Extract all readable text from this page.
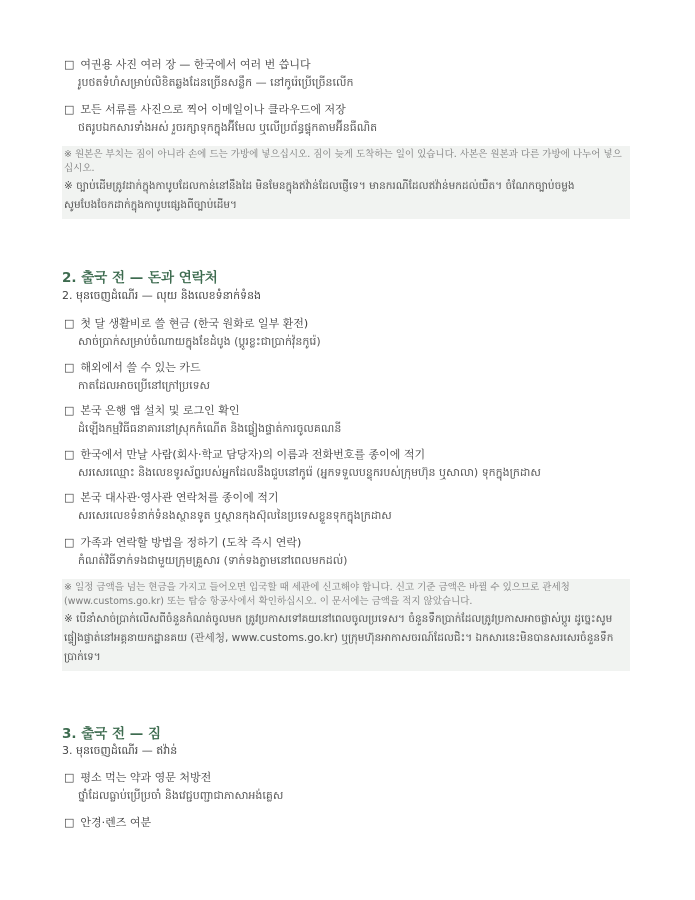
□ 여권용 사진 여러 장 — 한국에서 여러 번 씁니다
រូបថតទំហំសម្រាប់លិខិតឆ្លងដែនច្រើនសន្លឹក — នៅកូរ៉េប្រើច្រើនលើក
□ 모든 서류를 사진으로 찍어 이메일이나 클라우드에 저장
ថតរូបឯកសារទាំងអស់ រួចរក្សាទុកក្នុងអ៊ីមែល ឬលើប្រព័ន្ធផ្ទុកតាមអ៊ីនធឺណិត
※ 원본은 부치는 짐이 아니라 손에 드는 가방에 넣으십시오. 짐이 늦게 도착하는 일이 있습니다. 사본은 원본과 다른 가방에 나누어 넣으십시오.
※ ច្បាប់ដើមត្រូវដាក់ក្នុងកាបូបដែលកាន់នៅនឹងដៃ មិនមែនក្នុងឥវ៉ាន់ដែលផ្ញើទេ។ មានករណីដែលឥវ៉ាន់មកដល់យឺត។ ចំណែកច្បាប់ចម្លង សូមបែងចែកដាក់ក្នុងកាបូបផ្សេងពីច្បាប់ដើម។
2. 출국 전 — 돈과 연락처
2. មុនចេញដំណើរ — លុយ និងលេខទំនាក់ទំនង
□ 첫 달 생활비로 쓸 현금 (한국 원화로 일부 환전)
សាច់ប្រាក់សម្រាប់ចំណាយក្នុងខែដំបូង (ប្ដូរខ្លះជាប្រាក់វ៉ុនកូរ៉េ)
□ 해외에서 쓸 수 있는 카드
កាតដែលអាចប្រើនៅក្រៅប្រទេស
□ 본국 은행 앱 설치 및 로그인 확인
ដំឡើងកម្មវិធីធនាគារនៅស្រុកកំណើត និងផ្ទៀងផ្ទាត់ការចូលគណនី
□ 한국에서 만날 사람(회사·학교 담당자)의 이름과 전화번호를 종이에 적기
សរសេរឈ្មោះ និងលេខទូរស័ព្ទរបស់អ្នកដែលនឹងជួបនៅកូរ៉េ (អ្នកទទួលបន្ទុករបស់ក្រុមហ៊ុន ឬសាលា) ទុកក្នុងក្រដាស
□ 본국 대사관·영사관 연락처를 종이에 적기
សរសេរលេខទំនាក់ទំនងស្ថានទូត ឬស្ថានកុងស៊ុលនៃប្រទេសខ្លួនទុកក្នុងក្រដាស
□ 가족과 연락할 방법을 정하기 (도착 즉시 연락)
កំណត់វិធីទាក់ទងជាមួយក្រុមគ្រួសារ (ទាក់ទងភ្លាមនៅពេលមកដល់)
※ 일정 금액을 넘는 현금을 가지고 들어오면 입국할 때 세관에 신고해야 합니다. 신고 기준 금액은 바뀔 수 있으므로 관세청(www.customs.go.kr) 또는 탑승 항공사에서 확인하십시오. 이 문서에는 금액을 적지 않았습니다.
※ បើនាំសាច់ប្រាក់លើសពីចំនួនកំណត់ចូលមក ត្រូវប្រកាសទៅគយនៅពេលចូលប្រទេស។ ចំនួនទឹកប្រាក់ដែលត្រូវប្រកាសអាចផ្លាស់ប្ដូរ ដូច្នេះសូមផ្ទៀងផ្ទាត់នៅអគ្គនាយកដ្ឋានគយ (관세청, www.customs.go.kr) ឬក្រុមហ៊ុនអាកាសចរណ៍ដែលជិះ។ ឯកសារនេះមិនបានសរសេរចំនួនទឹកប្រាក់ទេ។
3. 출국 전 — 짐
3. មុនចេញដំណើរ — ឥវ៉ាន់
□ 평소 먹는 약과 영문 처방전
ថ្នាំដែលធ្លាប់ប្រើប្រចាំ និងវេជ្ជបញ្ជាជាភាសាអង់គ្លេស
□ 안경·렌즈 여분
